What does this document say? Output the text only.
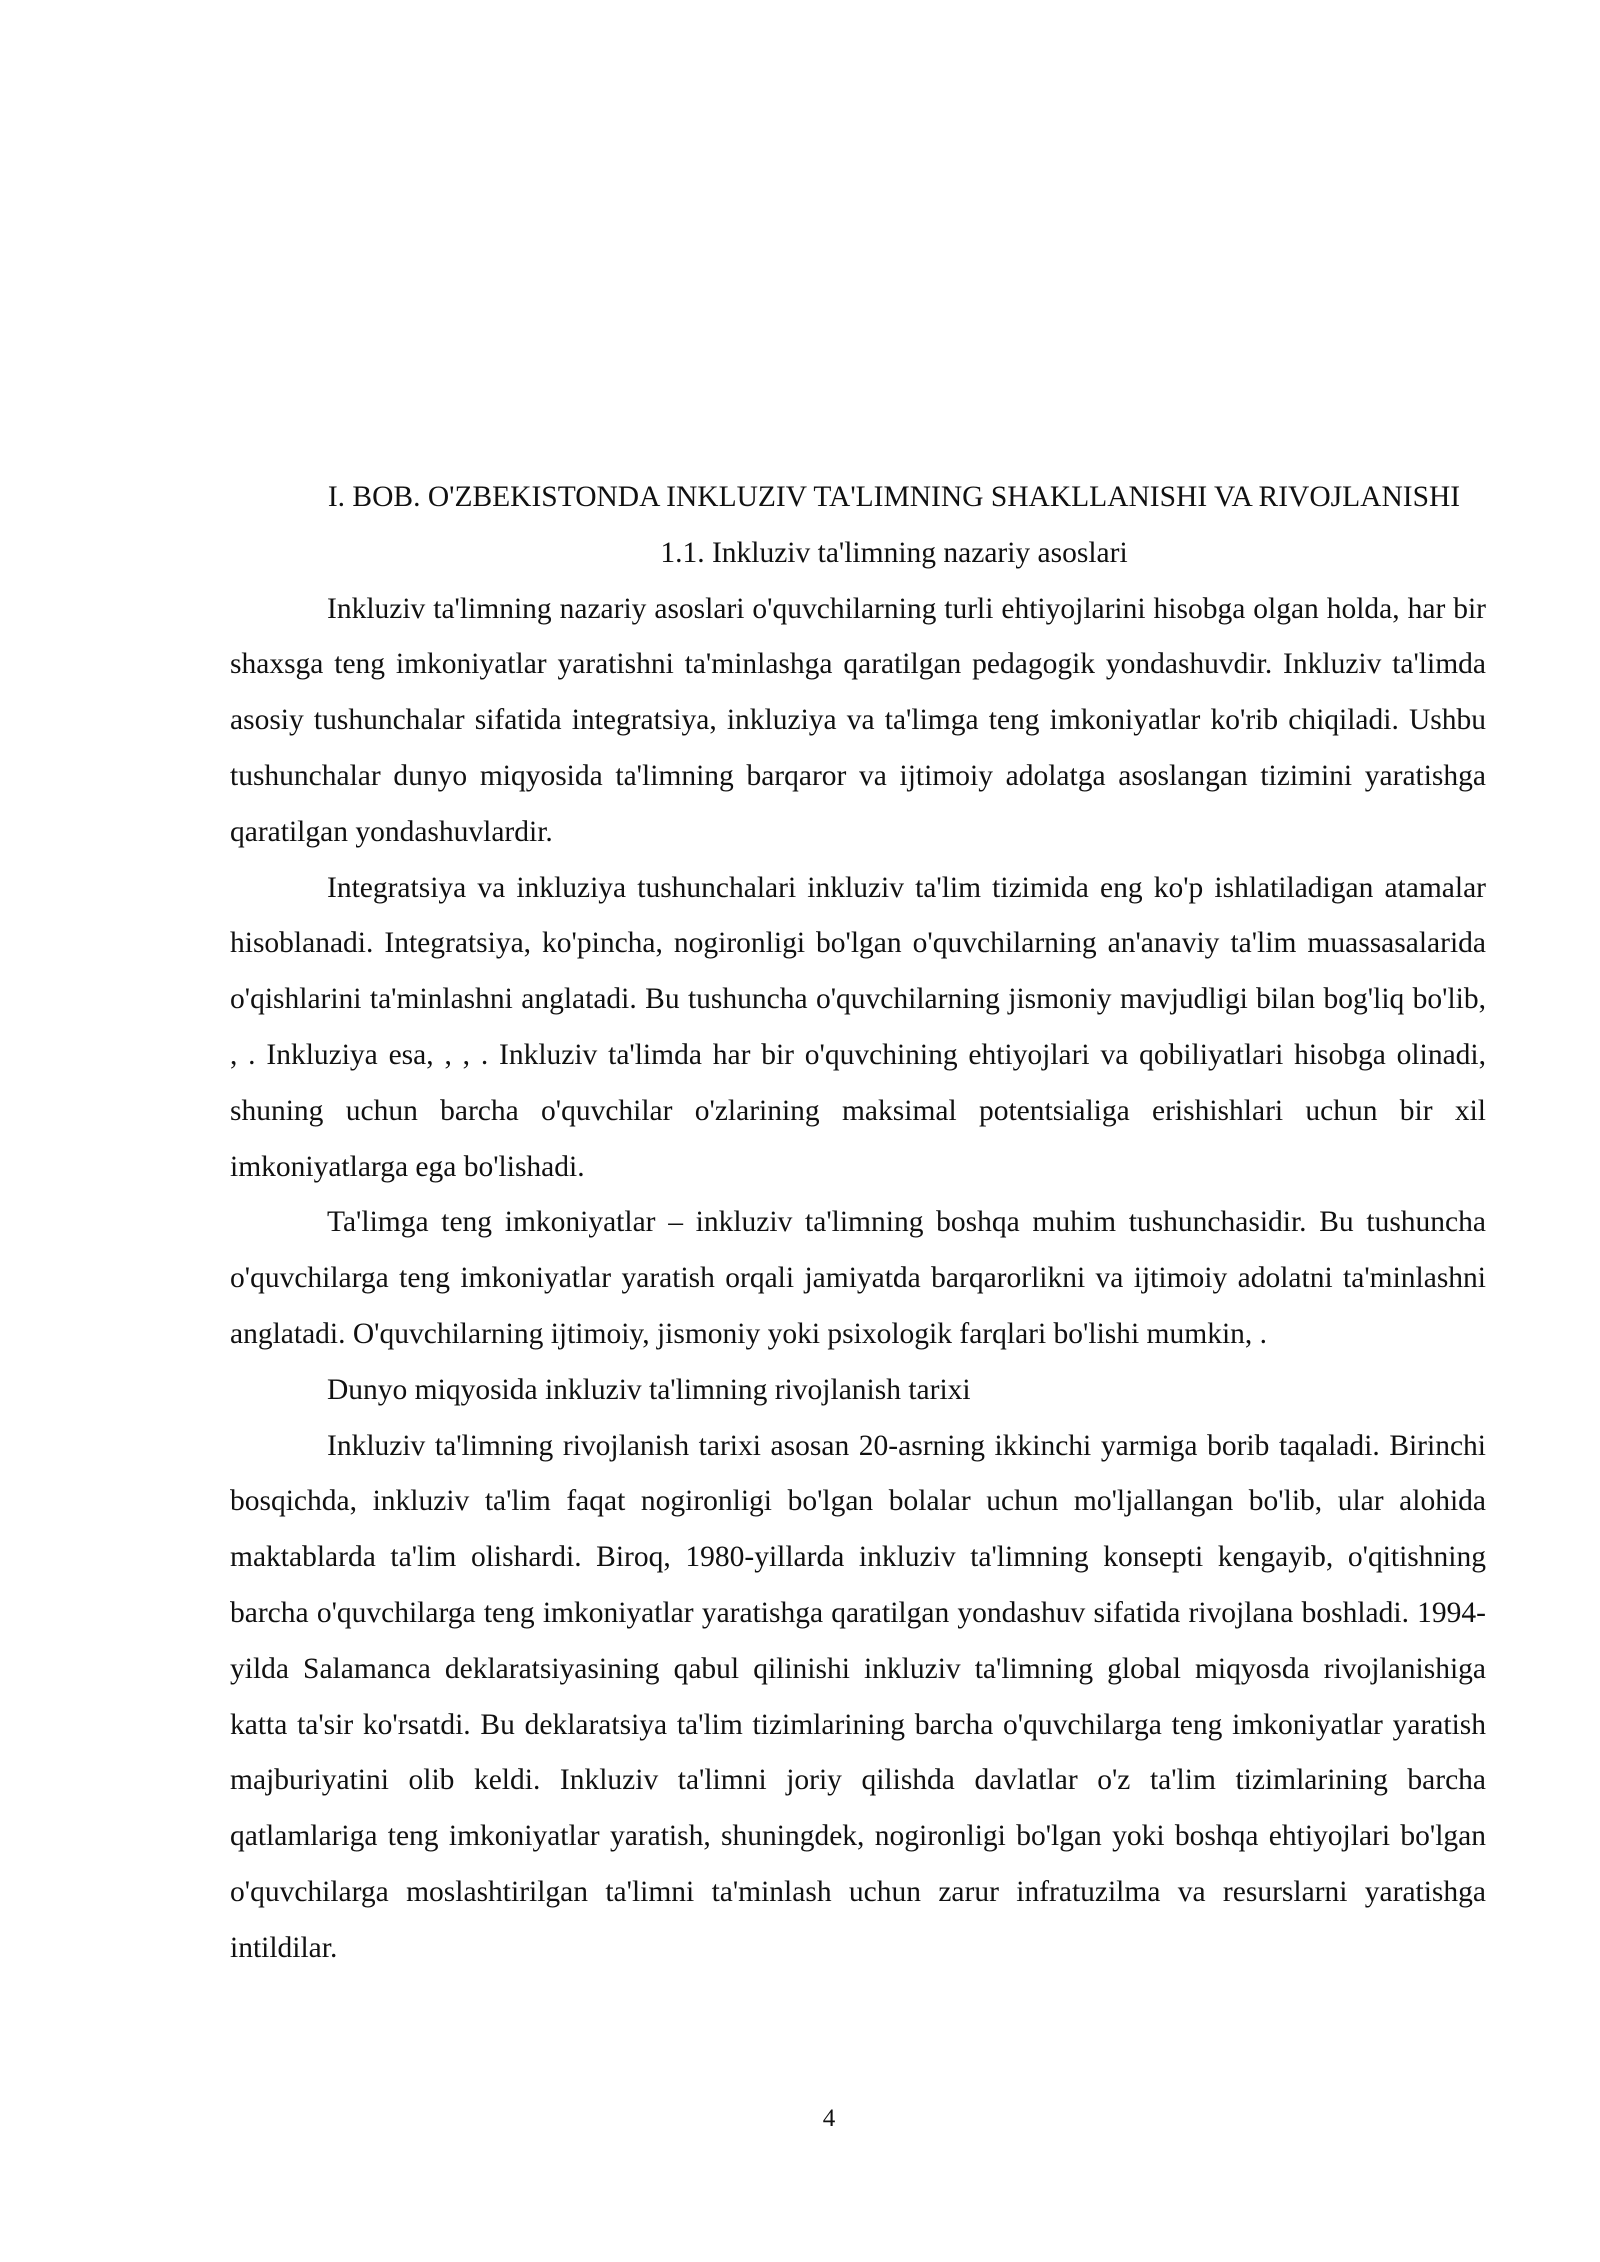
I. BOB. O'ZBEKISTONDA INKLUZIV TA'LIMNING SHAKLLANISHI VA RIVOJLANISHI
1.1. Inkluziv ta'limning nazariy asoslari

Inkluziv ta'limning nazariy asoslari o'quvchilarning turli ehtiyojlarini hisobga olgan holda, har bir shaxsga teng imkoniyatlar yaratishni ta'minlashga qaratilgan pedagogik yondashuvdir. Inkluziv ta'limda asosiy tushunchalar sifatida integratsiya, inkluziya va ta'limga teng imkoniyatlar ko'rib chiqiladi. Ushbu tushunchalar dunyo miqyosida ta'limning barqaror va ijtimoiy adolatga asoslangan tizimini yaratishga qaratilgan yondashuvlardir.

Integratsiya va inkluziya tushunchalari inkluziv ta'lim tizimida eng ko'p ishlatiladigan atamalar hisoblanadi. Integratsiya, ko'pincha, nogironligi bo'lgan o'quvchilarning an'anaviy ta'lim muassasalarida o'qishlarini ta'minlashni anglatadi. Bu tushuncha o'quvchilarning jismoniy mavjudligi bilan bog'liq bo'lib, , . Inkluziya esa, , , . Inkluziv ta'limda har bir o'quvchining ehtiyojlari va qobiliyatlari hisobga olinadi, shuning uchun barcha o'quvchilar o'zlarining maksimal potentsialiga erishishlari uchun bir xil imkoniyatlarga ega bo'lishadi.

Ta'limga teng imkoniyatlar – inkluziv ta'limning boshqa muhim tushunchasidir. Bu tushuncha o'quvchilarga teng imkoniyatlar yaratish orqali jamiyatda barqarorlikni va ijtimoiy adolatni ta'minlashni anglatadi. O'quvchilarning ijtimoiy, jismoniy yoki psixologik farqlari bo'lishi mumkin, .

Dunyo miqyosida inkluziv ta'limning rivojlanish tarixi

Inkluziv ta'limning rivojlanish tarixi asosan 20-asrning ikkinchi yarmiga borib taqaladi. Birinchi bosqichda, inkluziv ta'lim faqat nogironligi bo'lgan bolalar uchun mo'ljallangan bo'lib, ular alohida maktablarda ta'lim olishardi. Biroq, 1980-yillarda inkluziv ta'limning konsepti kengayib, o'qitishning barcha o'quvchilarga teng imkoniyatlar yaratishga qaratilgan yondashuv sifatida rivojlana boshladi. 1994-yilda Salamanca deklaratsiyasining qabul qilinishi inkluziv ta'limning global miqyosda rivojlanishiga katta ta'sir ko'rsatdi. Bu deklaratsiya ta'lim tizimlarining barcha o'quvchilarga teng imkoniyatlar yaratish majburiyatini olib keldi. Inkluziv ta'limni joriy qilishda davlatlar o'z ta'lim tizimlarining barcha qatlamlariga teng imkoniyatlar yaratish, shuningdek, nogironligi bo'lgan yoki boshqa ehtiyojlari bo'lgan o'quvchilarga moslashtirilgan ta'limni ta'minlash uchun zarur infratuzilma va resurslarni yaratishga intildilar.

4
